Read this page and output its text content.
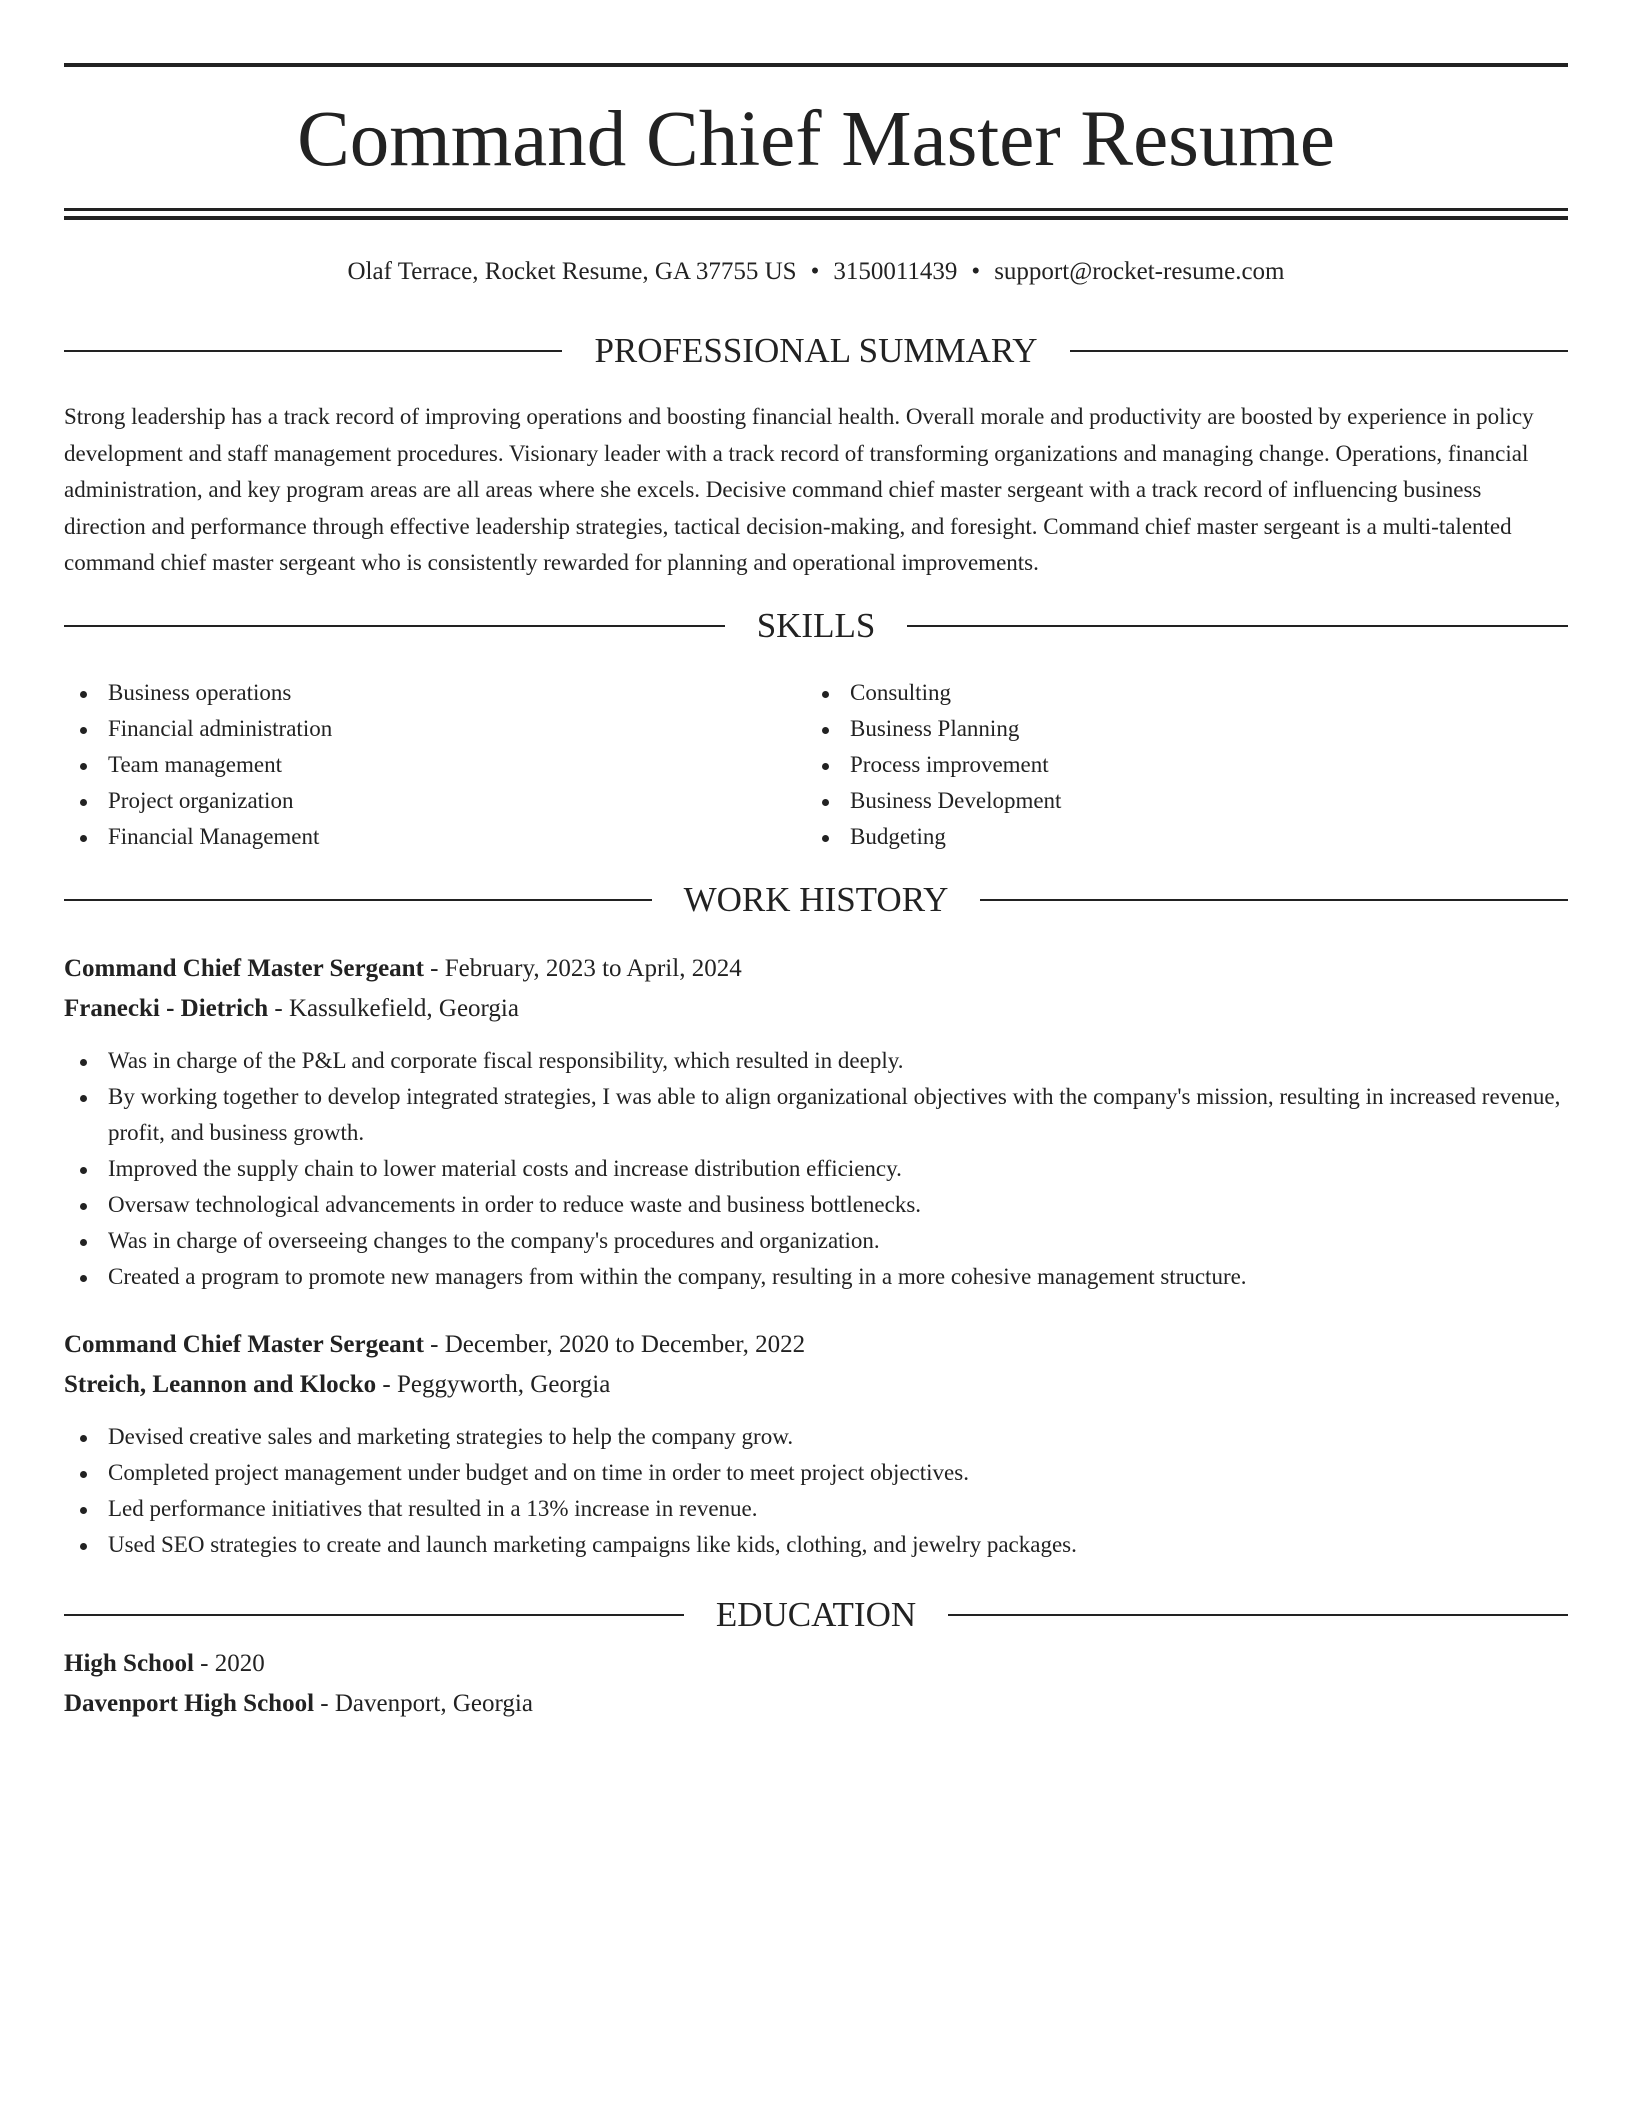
Command Chief Master Resume
Olaf Terrace, Rocket Resume, GA 37755 US • 3150011439 • support@rocket-resume.com
PROFESSIONAL SUMMARY

Strong leadership has a track record of improving operations and boosting financial health. Overall morale and productivity are boosted by experience in policy development and staff management procedures. Visionary leader with a track record of transforming organizations and managing change. Operations, financial administration, and key program areas are all areas where she excels. Decisive command chief master sergeant with a track record of influencing business direction and performance through effective leadership strategies, tactical decision-making, and foresight. Command chief master sergeant is a multi-talented command chief master sergeant who is consistently rewarded for planning and operational improvements.

SKILLS
Business operations
Financial administration
Team management
Project organization
Financial Management
Consulting
Business Planning
Process improvement
Business Development
Budgeting
WORK HISTORY
Command Chief Master Sergeant - February, 2023 to April, 2024
Franecki - Dietrich - Kassulkefield, Georgia
Was in charge of the P&L and corporate fiscal responsibility, which resulted in deeply.
By working together to develop integrated strategies, I was able to align organizational objectives with the company's mission, resulting in increased revenue, profit, and business growth.
Improved the supply chain to lower material costs and increase distribution efficiency.
Oversaw technological advancements in order to reduce waste and business bottlenecks.
Was in charge of overseeing changes to the company's procedures and organization.
Created a program to promote new managers from within the company, resulting in a more cohesive management structure.
Command Chief Master Sergeant - December, 2020 to December, 2022
Streich, Leannon and Klocko - Peggyworth, Georgia
Devised creative sales and marketing strategies to help the company grow.
Completed project management under budget and on time in order to meet project objectives.
Led performance initiatives that resulted in a 13% increase in revenue.
Used SEO strategies to create and launch marketing campaigns like kids, clothing, and jewelry packages.
EDUCATION
High School - 2020
Davenport High School - Davenport, Georgia
